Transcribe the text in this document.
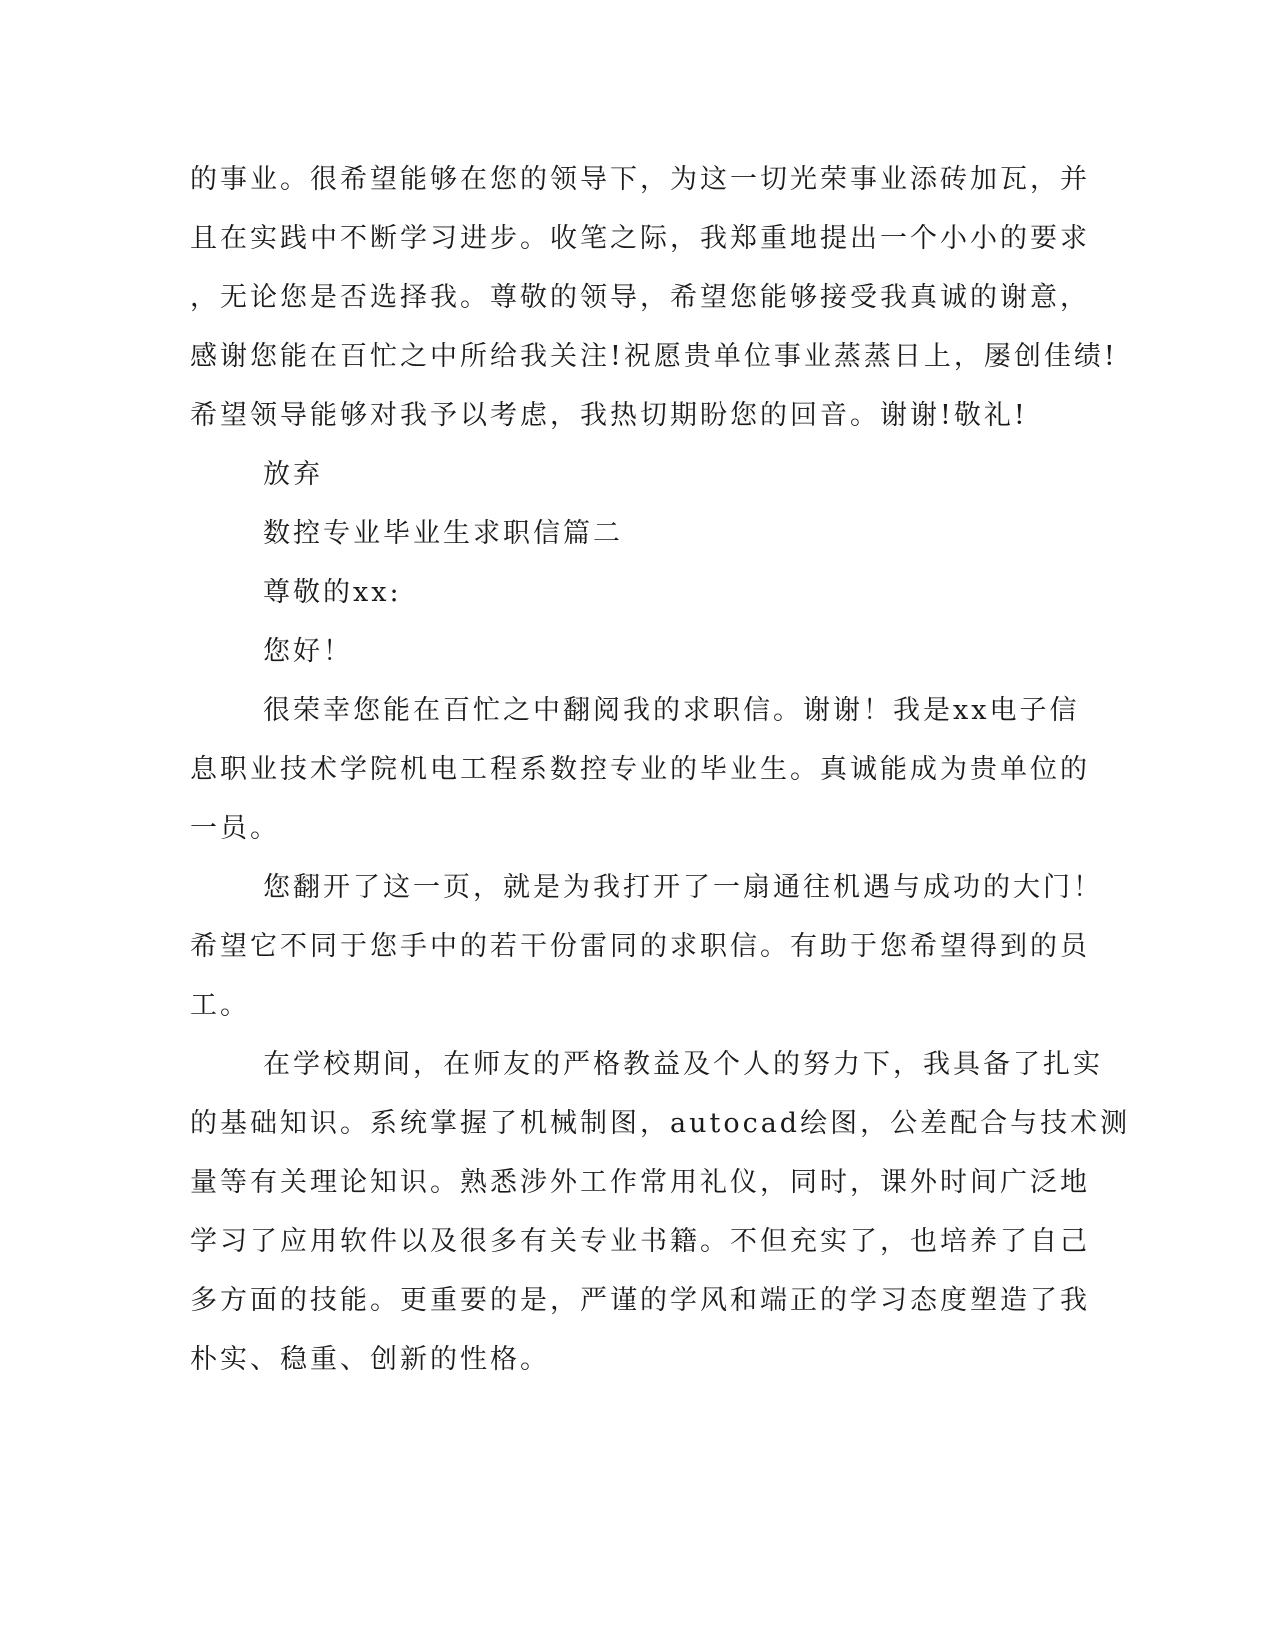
的事业。很希望能够在您的领导下，为这一切光荣事业添砖加瓦，并
且在实践中不断学习进步。收笔之际，我郑重地提出一个小小的要求
，无论您是否选择我。尊敬的领导，希望您能够接受我真诚的谢意，
感谢您能在百忙之中所给我关注!祝愿贵单位事业蒸蒸日上，屡创佳绩!
希望领导能够对我予以考虑，我热切期盼您的回音。谢谢!敬礼!
放弃
数控专业毕业生求职信篇二
尊敬的xx:
您好！
很荣幸您能在百忙之中翻阅我的求职信。谢谢！我是xx电子信
息职业技术学院机电工程系数控专业的毕业生。真诚能成为贵单位的
一员。
您翻开了这一页，就是为我打开了一扇通往机遇与成功的大门！
希望它不同于您手中的若干份雷同的求职信。有助于您希望得到的员
工。
在学校期间，在师友的严格教益及个人的努力下，我具备了扎实
的基础知识。系统掌握了机械制图，autocad绘图，公差配合与技术测
量等有关理论知识。熟悉涉外工作常用礼仪，同时，课外时间广泛地
学习了应用软件以及很多有关专业书籍。不但充实了，也培养了自己
多方面的技能。更重要的是，严谨的学风和端正的学习态度塑造了我
朴实、稳重、创新的性格。
